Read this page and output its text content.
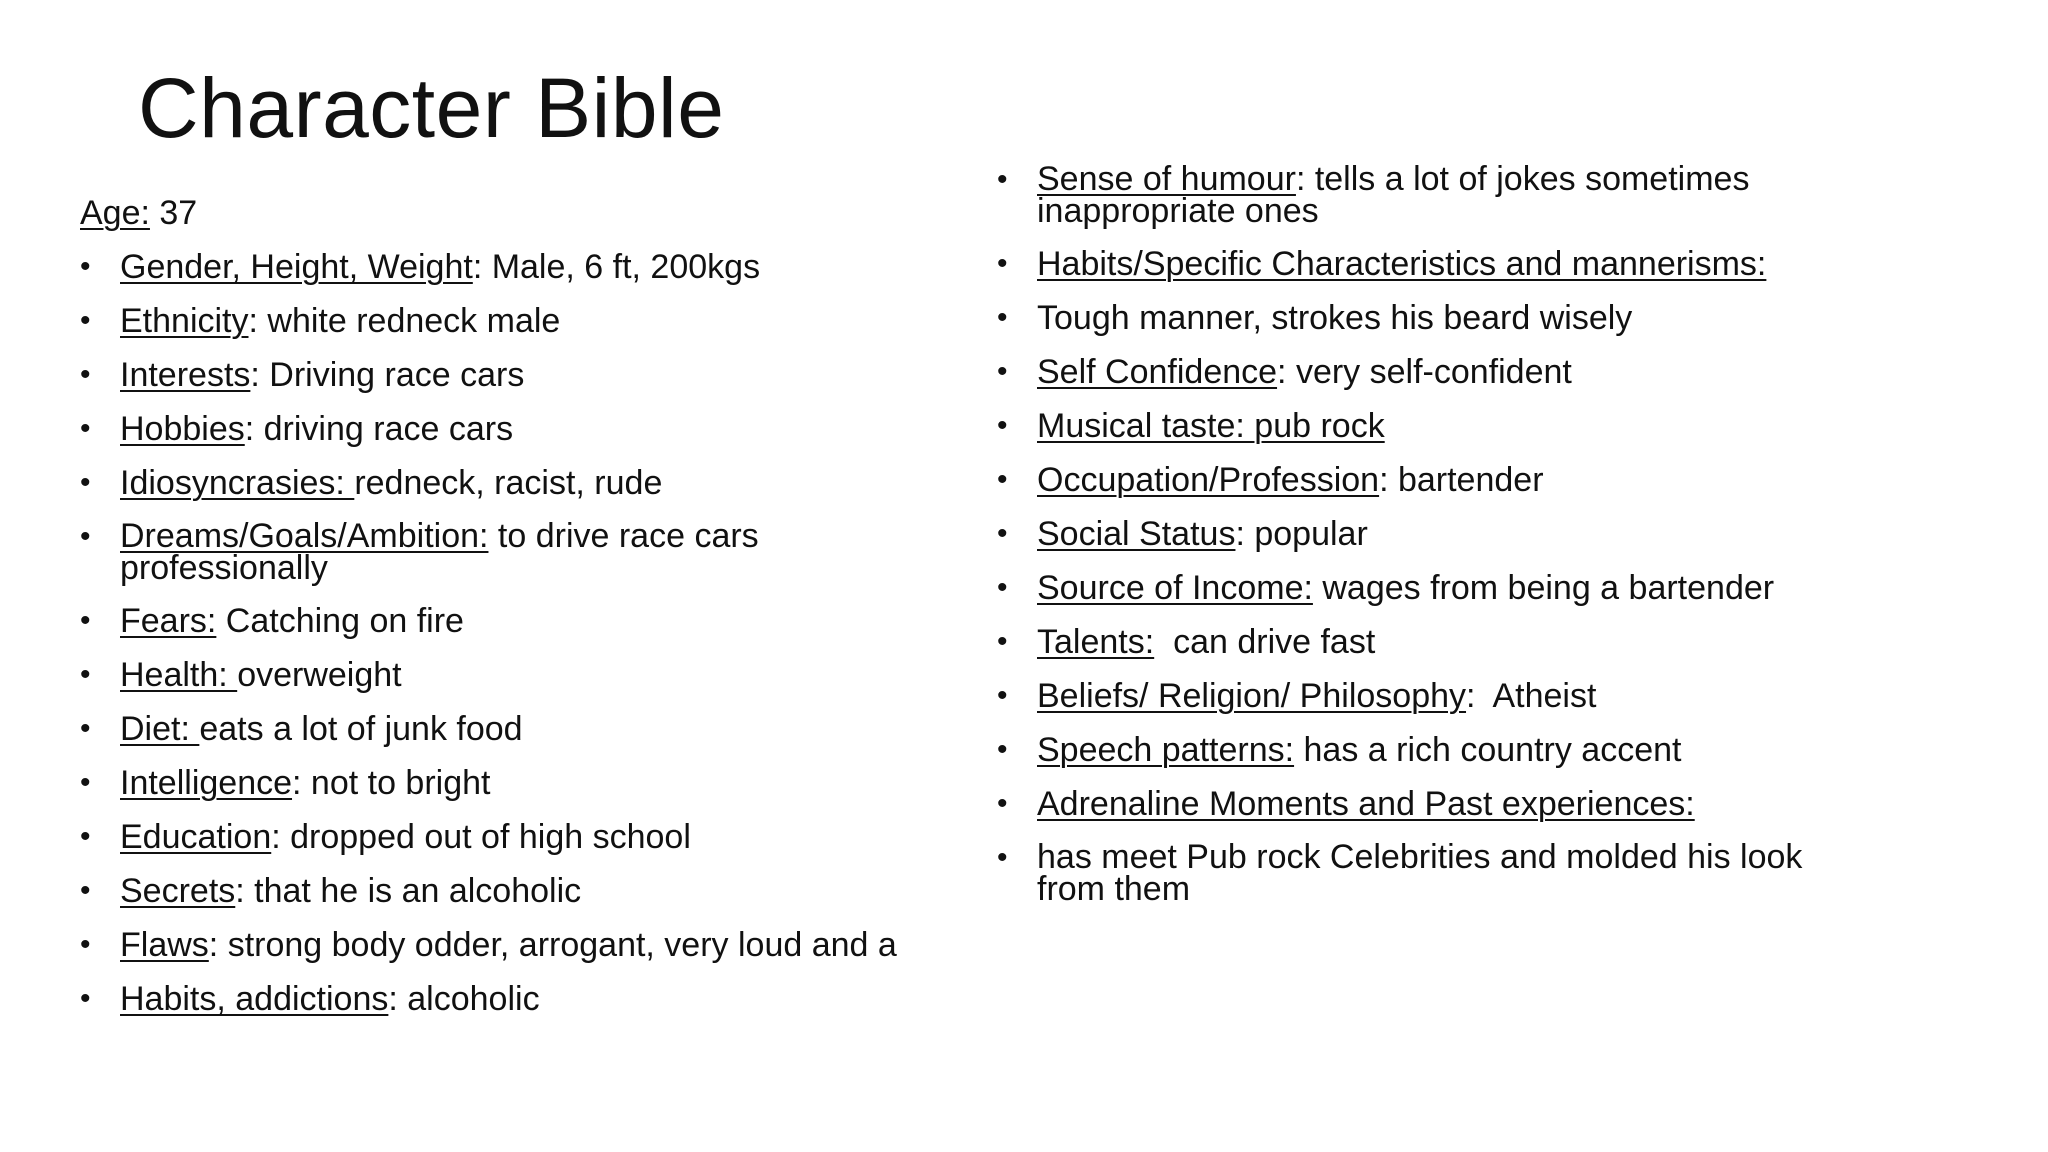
Character Bible
Age: 37
• Gender, Height, Weight: Male, 6 ft, 200kgs
• Ethnicity: white redneck male
• Interests: Driving race cars
• Hobbies: driving race cars
• Idiosyncrasies: redneck, racist, rude
• Dreams/Goals/Ambition: to drive race cars professionally
• Fears: Catching on fire
• Health: overweight
• Diet: eats a lot of junk food
• Intelligence: not to bright
• Education: dropped out of high school
• Secrets: that he is an alcoholic
• Flaws: strong body odder, arrogant, very loud and a
• Habits, addictions: alcoholic
• Sense of humour: tells a lot of jokes sometimes inappropriate ones
• Habits/Specific Characteristics and mannerisms:
• Tough manner, strokes his beard wisely
• Self Confidence: very self-confident
• Musical taste: pub rock
• Occupation/Profession: bartender
• Social Status: popular
• Source of Income: wages from being a bartender
• Talents:  can drive fast
• Beliefs/ Religion/ Philosophy:  Atheist
• Speech patterns: has a rich country accent
• Adrenaline Moments and Past experiences:
• has meet Pub rock Celebrities and molded his look from them
